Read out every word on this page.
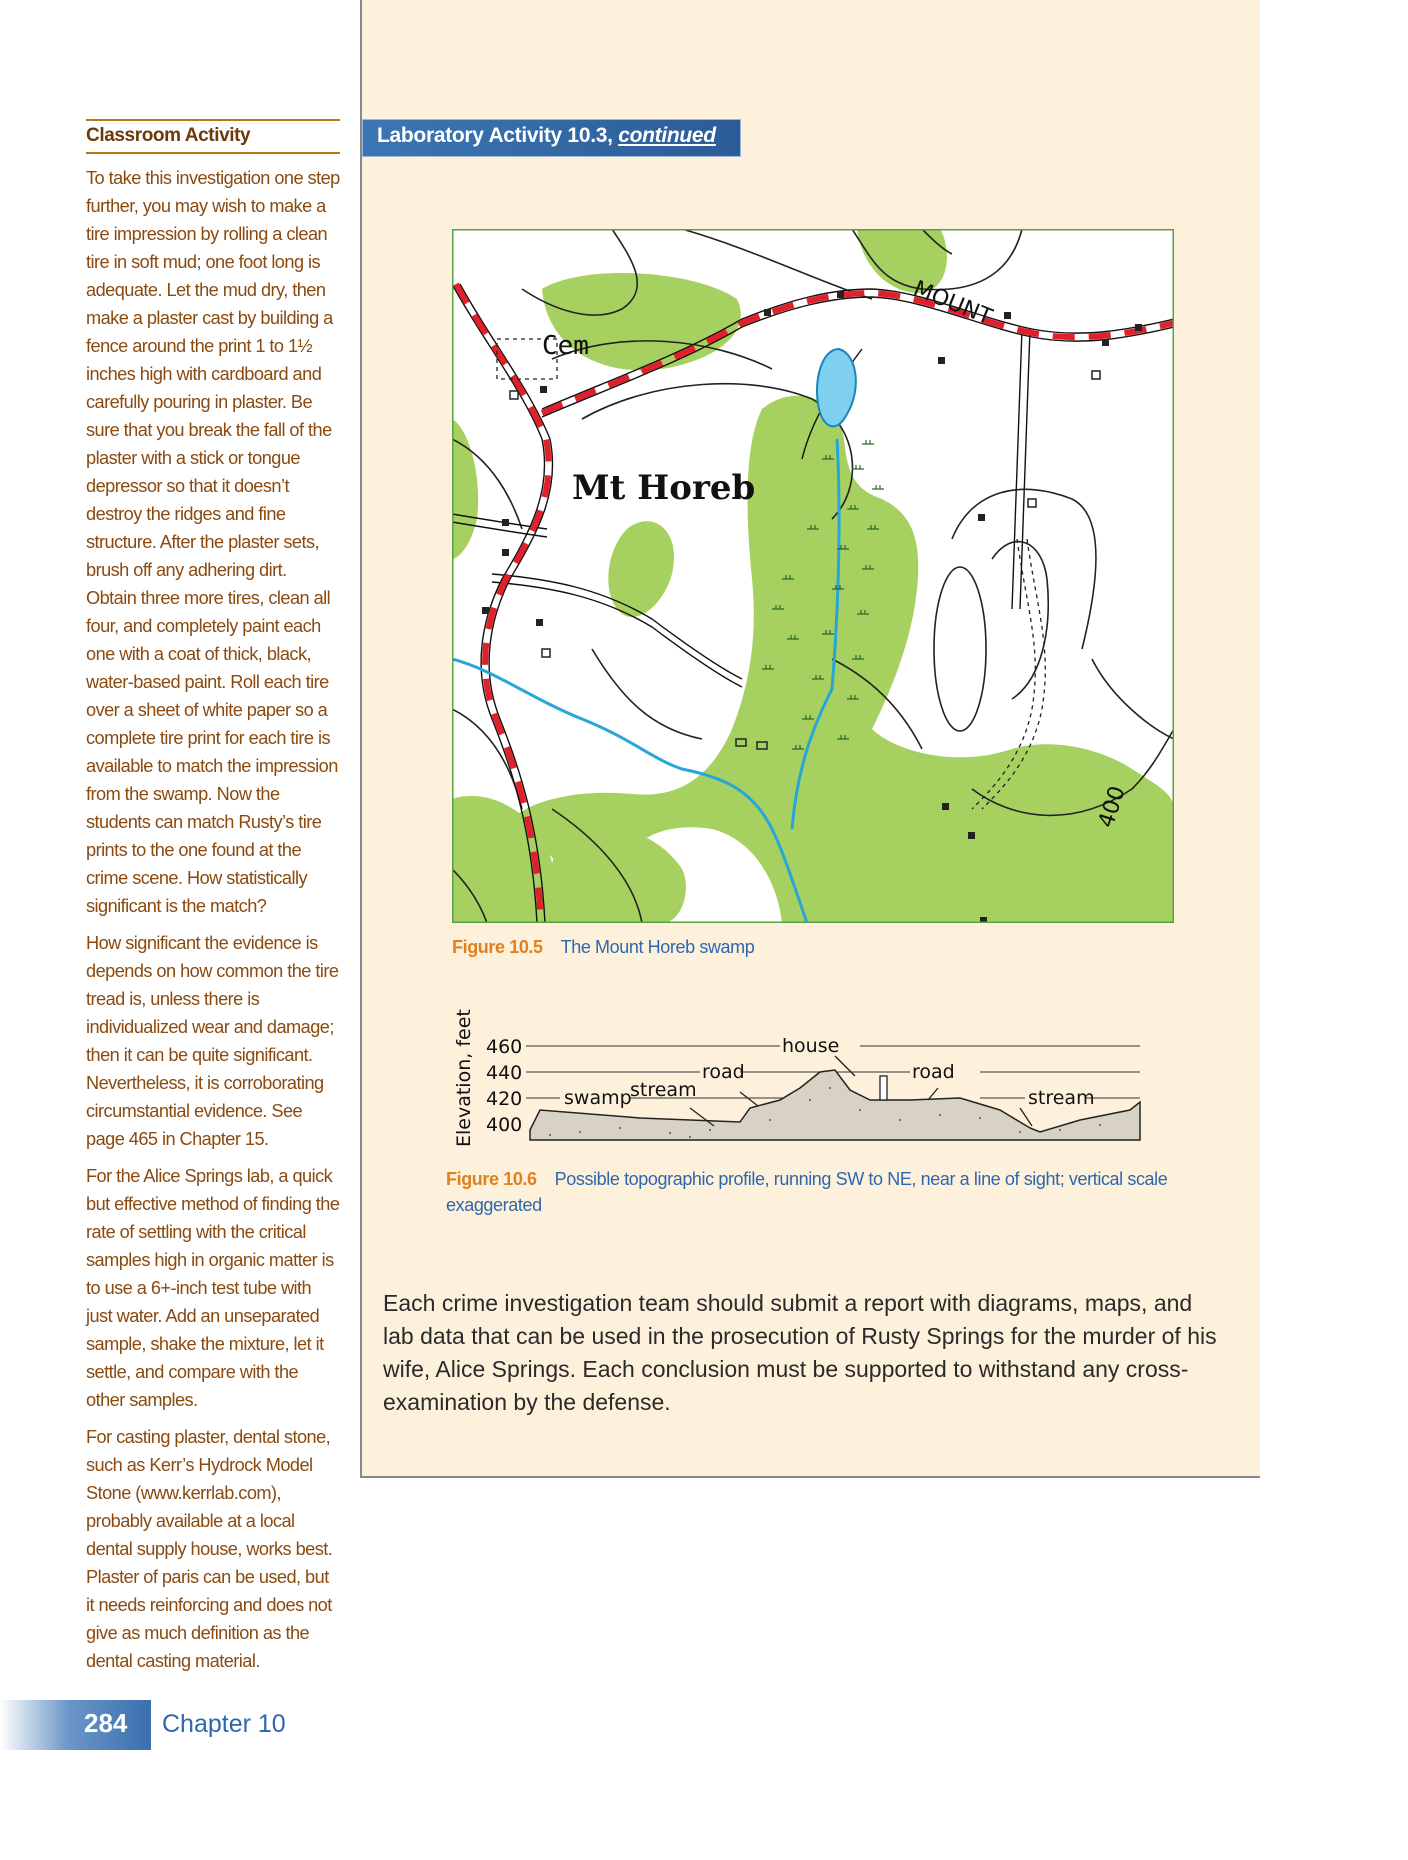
Laboratory Activity 10.3, continued
Classroom Activity

To take this investigation one step further, you may wish to make a tire impression by rolling a clean tire in soft mud; one foot long is adequate. Let the mud dry, then make a plaster cast by building a fence around the print 1 to 1½ inches high with cardboard and carefully pouring in plaster. Be sure that you break the fall of the plaster with a stick or tongue depressor so that it doesn’t destroy the ridges and fine structure. After the plaster sets, brush off any adhering dirt. Obtain three more tires, clean all four, and completely paint each one with a coat of thick, black, water-based paint. Roll each tire over a sheet of white paper so a complete tire print for each tire is available to match the impression from the swamp. Now the students can match Rusty’s tire prints to the one found at the crime scene. How statistically significant is the match?

How significant the evidence is depends on how common the tire tread is, unless there is individualized wear and damage; then it can be quite significant. Nevertheless, it is corroborating circumstantial evidence. See page 465 in Chapter 15.

For the Alice Springs lab, a quick but effective method of finding the rate of settling with the critical samples high in organic matter is to use a 6+-inch test tube with just water. Add an unseparated sample, shake the mixture, let it settle, and compare with the other samples.

For casting plaster, dental stone, such as Kerr’s Hydrock Model Stone (www.kerrlab.com), probably available at a local dental supply house, works best. Plaster of paris can be used, but it needs reinforcing and does not give as much definition as the dental casting material.

Cem
Mt Horeb
MOUNT
400
Figure 10.5 The Mount Horeb swamp
Elevation, feet 460
440
420
400
house
road	road
stream
swamp	stream
Figure 10.6 Possible topographic profile, running SW to NE, near a line of sight; vertical scale exaggerated
Each crime investigation team should submit a report with diagrams, maps, and lab data that can be used in the prosecution of Rusty Springs for the murder of his wife, Alice Springs. Each conclusion must be supported to withstand any cross-examination by the defense.
284 Chapter 10
